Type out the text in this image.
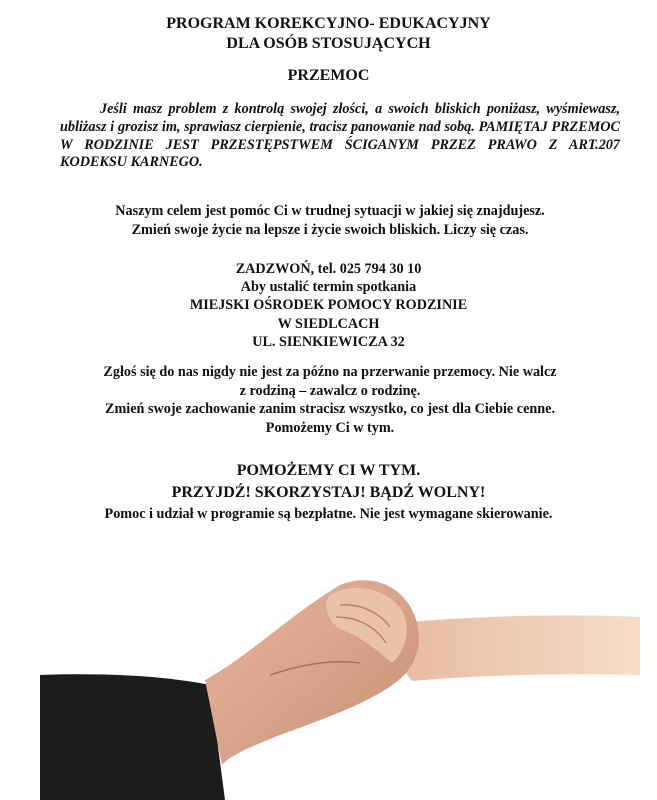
PROGRAM KOREKCYJNO- EDUKACYJNY
DLA OSÓB STOSUJĄCYCH
PRZEMOC
Jeśli masz problem z kontrolą swojej złości, a swoich bliskich poniżasz, wyśmiewasz, ubliżasz i grozisz im, sprawiasz cierpienie, tracisz panowanie nad sobą. PAMIĘTAJ PRZEMOC W RODZINIE JEST PRZESTĘPSTWEM ŚCIGANYM PRZEZ PRAWO Z ART.207 KODEKSU KARNEGO.
Naszym celem jest pomóc Ci w trudnej sytuacji w jakiej się znajdujesz.
Zmień swoje życie na lepsze i życie swoich bliskich. Liczy się czas.
ZADZWOŃ, tel. 025 794 30 10
Aby ustalić termin spotkania
MIEJSKI OŚRODEK POMOCY RODZINIE
W SIEDLCACH
UL. SIENKIEWICZA 32
Zgłoś się do nas nigdy nie jest za późno na przerwanie przemocy. Nie walcz
z rodziną – zawalcz o rodzinę.
Zmień swoje zachowanie zanim stracisz wszystko, co jest dla Ciebie cenne.
Pomożemy Ci w tym.
POMOŻEMY CI W TYM.
PRZYJDŹ! SKORZYSTAJ! BĄDŹ WOLNY!
Pomoc i udział w programie są bezpłatne. Nie jest wymagane skierowanie.
